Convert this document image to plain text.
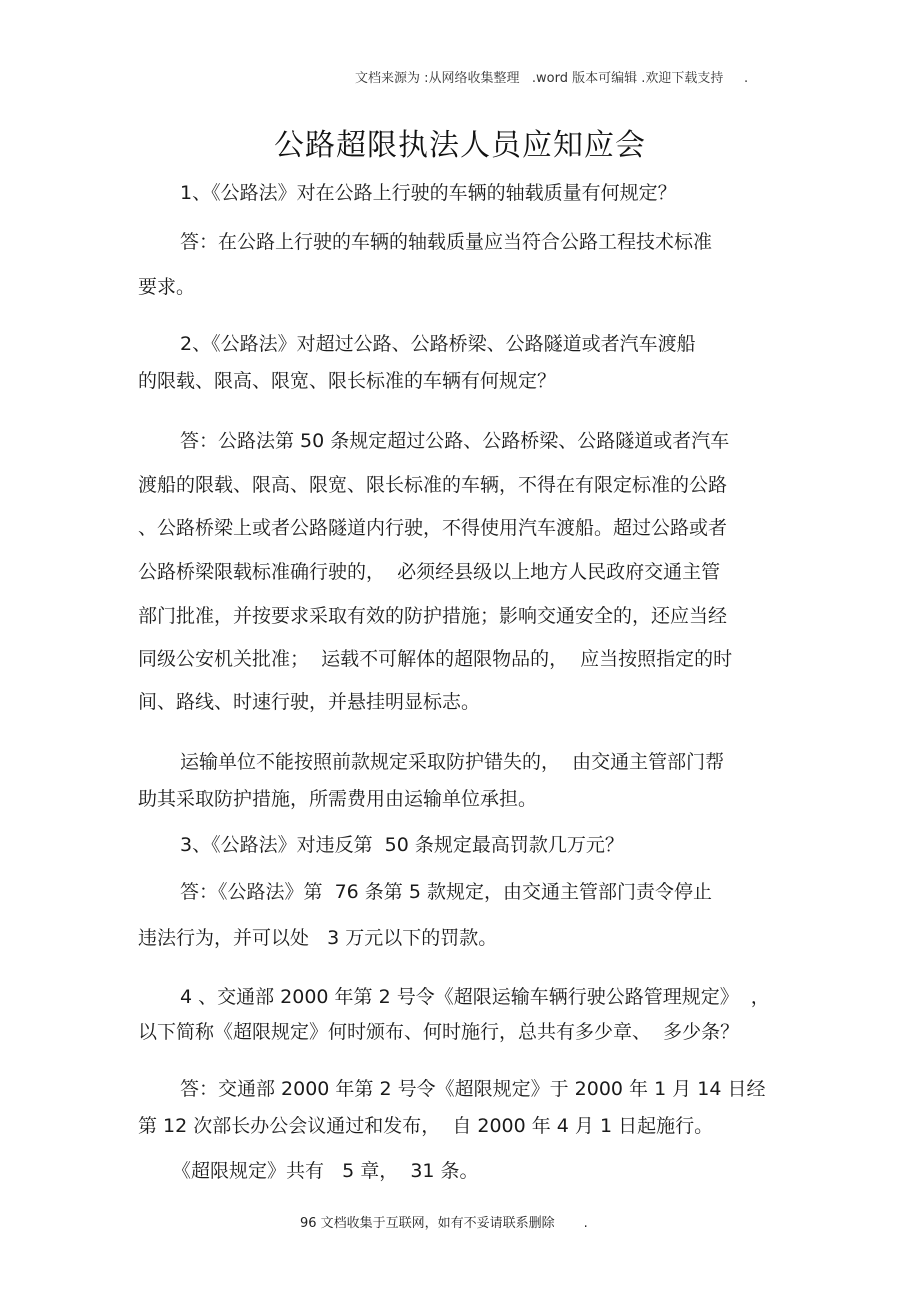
文档来源为 :从网络收集整理   .word 版本可编辑 .欢迎下载支持     .
公路超限执法人员应知应会
1、《公路法》对在公路上行驶的车辆的轴载质量有何规定？
答：在公路上行驶的车辆的轴载质量应当符合公路工程技术标准
要求。
2、《公路法》对超过公路、公路桥梁、公路隧道或者汽车渡船
的限载、限高、限宽、限长标准的车辆有何规定？
答：公路法第 50 条规定超过公路、公路桥梁、公路隧道或者汽车
渡船的限载、限高、限宽、限长标准的车辆，不得在有限定标准的公路
、公路桥梁上或者公路隧道内行驶，不得使用汽车渡船。超过公路或者
公路桥梁限载标准确行驶的，  必须经县级以上地方人民政府交通主管
部门批准，并按要求采取有效的防护措施；影响交通安全的，还应当经
同级公安机关批准；  运载不可解体的超限物品的，  应当按照指定的时
间、路线、时速行驶，并悬挂明显标志。
运输单位不能按照前款规定采取防护错失的，  由交通主管部门帮
助其采取防护措施，所需费用由运输单位承担。
3、《公路法》对违反第  50 条规定最高罚款几万元？
答：《公路法》第  76 条第 5 款规定，由交通主管部门责令停止
违法行为，并可以处   3 万元以下的罚款。
4 、交通部 2000 年第 2 号令《超限运输车辆行驶公路管理规定》  ，
以下简称《超限规定》何时颁布、何时施行，总共有多少章、  多少条？
答：交通部 2000 年第 2 号令《超限规定》于 2000 年 1 月 14 日经
第 12 次部长办公会议通过和发布，  自 2000 年 4 月 1 日起施行。
《超限规定》共有   5 章，  31 条。
96 文档收集于互联网，如有不妥请联系删除       .
